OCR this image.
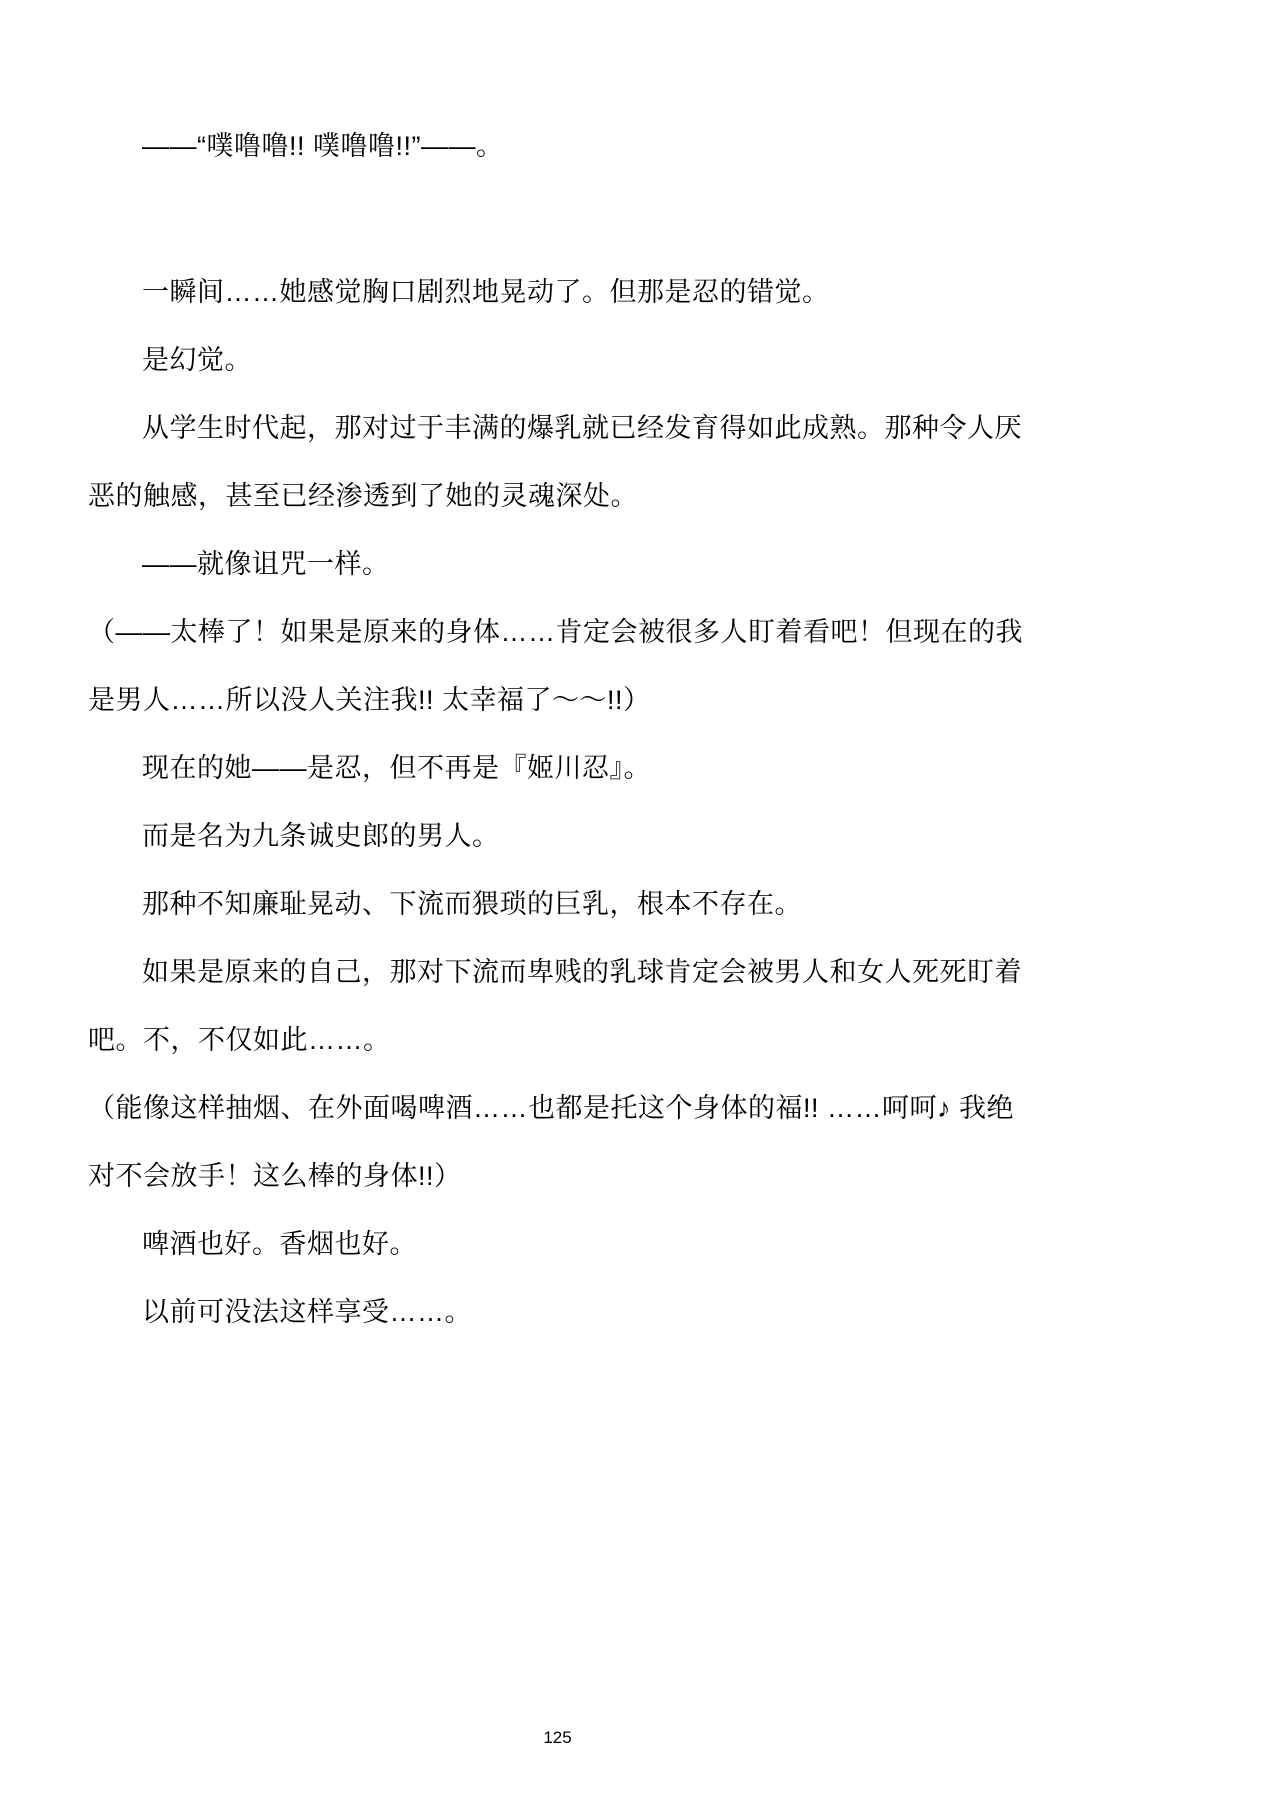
——“噗噜噜!! 噗噜噜!!”——。
一瞬间……她感觉胸口剧烈地晃动了。但那是忍的错觉。
是幻觉。
从学生时代起，那对过于丰满的爆乳就已经发育得如此成熟。那种令人厌
恶的触感，甚至已经渗透到了她的灵魂深处。
——就像诅咒一样。
（——太棒了！如果是原来的身体……肯定会被很多人盯着看吧！但现在的我
是男人……所以没人关注我!! 太幸福了～～!!）
现在的她——是忍，但不再是『姬川忍』。
而是名为九条诚史郎的男人。
那种不知廉耻晃动、下流而猥琐的巨乳，根本不存在。
如果是原来的自己，那对下流而卑贱的乳球肯定会被男人和女人死死盯着
吧。不，不仅如此……。
（能像这样抽烟、在外面喝啤酒……也都是托这个身体的福!! ……呵呵♪ 我绝
对不会放手！这么棒的身体!!）
啤酒也好。香烟也好。
以前可没法这样享受……。
125
